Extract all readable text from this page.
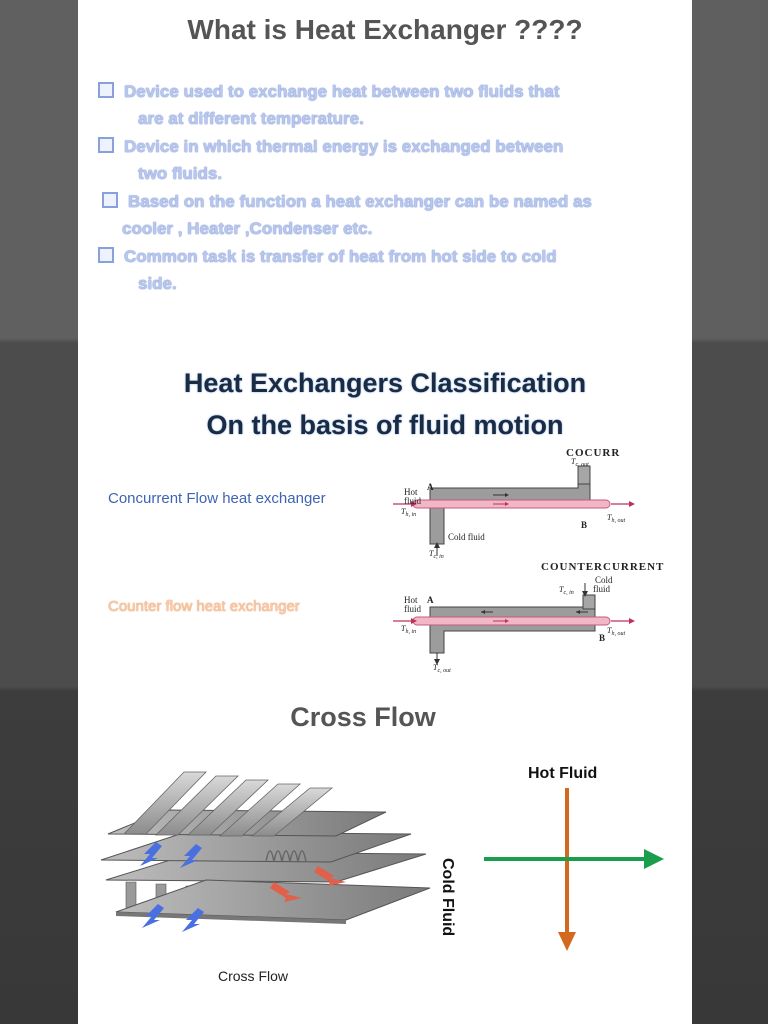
What is Heat Exchanger ????
Device used to exchange heat between two fluids that
are at different temperature.
Device in which thermal energy is exchanged between
two fluids.
Based on the function a heat exchanger can be named as
cooler , Heater ,Condenser etc.
Common task is transfer of heat from hot side to cold
side.
Heat Exchangers Classification
On the basis of fluid motion
Concurrent Flow heat exchanger
Counter flow heat exchanger
COCURR
Hot
fluid
A
B
Cold fluid
$T_{h, in}$	$T_{h, out}$
$T_{c, in}$
$T_{c, out}$
COUNTERCURRENT
Hot
fluid
A
B
Cold
fluid
$T_{h, in}$	$T_{h, out}$
$T_{c, in}$
$T_{c, out}$
Cross Flow
Cross Flow
Hot Fluid
Cold Fluid
